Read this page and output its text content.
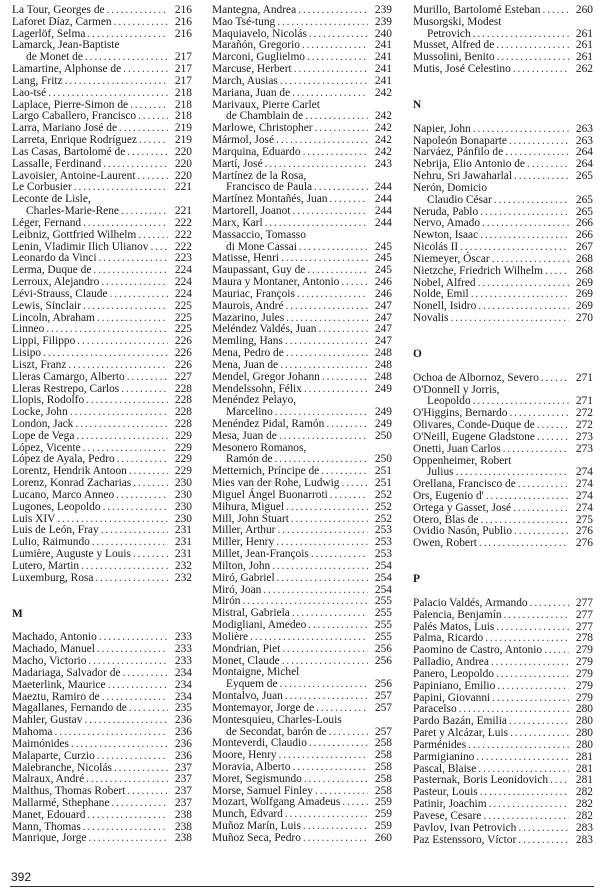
La Tour, Georges de . . .	216
Laforet Díaz, Carmen . . .	216
Lagerlöf, Selma . . .	216
Lamarck, Jean-Baptiste
de Monet de . . .	217
Lamartine, Alphonse de . . .	217
Lang, Fritz . . .	217
Lao-tsé . . .	218
Laplace, Pierre-Simon de . . .	218
Largo Caballero, Francisco . . .	218
Larra, Mariano José de . . .	219
Larreta, Enrique Rodríguez . . .	219
Las Casas, Bartolomé de . . .	220
Lassalle, Ferdinand . . .	220
Lavoisier, Antoine-Laurent . . .	220
Le Corbusier . . .	221
Leconte de Lisle,
Charles-Marie-Rene . . .	221
Léger, Fernand . . .	222
Leibniz, Gottfried Wilhelm . . .	222
Lenin, Vladimir Ilich Ulianov . . .	222
Leonardo da Vinci . . .	223
Lerma, Duque de . . .	224
Lerroux, Alejandro . . .	224
Lévi-Strauss, Claude . . .	224
Lewis, Sinclair . . .	225
Lincoln, Abraham . . .	225
Linneo . . .	225
Lippi, Filippo . . .	226
Lisipo . . .	226
Liszt, Franz . . .	226
Lleras Camargo, Alberto . . .	227
Lleras Restrepo, Carlos . . .	228
Llopis, Rodolfo . . .	228
Locke, John . . .	228
London, Jack . . .	228
Lope de Vega . . .	229
López, Vicente . . .	229
López de Ayala, Pedro . . .	229
Lorentz, Hendrik Antoon . . .	229
Lorenz, Konrad Zacharias . . .	230
Lucano, Marco Anneo . . .	230
Lugones, Leopoldo . . .	230
Luis XIV . . .	230
Luis de León, Fray . . .	231
Lulio, Raimundo . . .	231
Lumière, Auguste y Louis . . .	231
Lutero, Martin . . .	232
Luxemburg, Rosa . . .	232
M
Machado, Antonio . . .	233
Machado, Manuel . . .	233
Macho, Victorio . . .	233
Madariaga, Salvador de . . .	234
Maeterlink, Maurice . . .	234
Maeztu, Ramiro de . . .	234
Magallanes, Fernando de . . .	235
Mahler, Gustav . . .	236
Mahoma . . .	236
Maimónides . . .	236
Malaparte, Curzio . . .	236
Malebranche, Nicolás . . .	237
Malraux, André . . .	237
Malthus, Thomas Robert . . .	237
Mallarmé, Sthephane . . .	237
Manet, Edouard . . .	238
Mann, Thomas . . .	238
Manrique, Jorge . . .	238
Mantegna, Andrea . . .	239
Mao Tsé-tung . . .	239
Maquiavelo, Nicolás . . .	240
Marañón, Gregorio . . .	241
Marconi, Guglielmo . . .	241
Marcuse, Herbert . . .	241
March, Ausias . . .	241
Mariana, Juan de . . .	242
Marivaux, Pierre Carlet
de Chamblain de . . .	242
Marlowe, Christopher . . .	242
Mármol, José . . .	242
Marquina, Eduardo . . .	242
Martí, José . . .	243
Martínez de la Rosa,
Francisco de Paula . . .	244
Martínez Montañés, Juan . . .	244
Martorell, Joanot . . .	244
Marx, Karl . . .	244
Massaccio, Tomasso
di Mone Cassai . . .	245
Matisse, Henri . . .	245
Maupassant, Guy de . . .	245
Maura y Montaner, Antonio . . .	246
Mauriac, François . . .	246
Maurois, André . . .	247
Mazarino, Jules . . .	247
Meléndez Valdés, Juan . . .	247
Memling, Hans . . .	247
Mena, Pedro de . . .	248
Mena, Juan de . . .	248
Mendel, Gregor Johann . . .	248
Mendelssohn, Félix . . .	249
Menéndez Pelayo,
Marcelino . . .	249
Menéndez Pidal, Ramón . . .	249
Mesa, Juan de . . .	250
Mesonero Romanos,
Ramón de . . .	250
Metternich, Príncipe de . . .	251
Mies van der Rohe, Ludwig . . .	251
Miguel Ángel Buonarroti . . .	252
Mihura, Miguel . . .	252
Mill, John Stuart . . .	252
Miller, Arthur . . .	253
Miller, Henry . . .	253
Millet, Jean-François . . .	253
Milton, John . . .	254
Miró, Gabriel . . .	254
Miró, Joan . . .	254
Mirón . . .	255
Mistral, Gabriela . . .	255
Modigliani, Amedeo . . .	255
Molière . . .	255
Mondrian, Piet . . .	256
Monet, Claude . . .	256
Montaigne, Michel
Eyquem de . . .	256
Montalvo, Juan . . .	257
Montemayor, Jorge de . . .	257
Montesquieu, Charles-Louis
de Secondat, barón de . . .	257
Monteverdi, Claudio . . .	258
Moore, Henry . . .	258
Moravia, Alberto . . .	258
Moret, Segismundo . . .	258
Morse, Samuel Finley . . .	258
Mozart, Wolfgang Amadeus . . .	259
Munch, Edvard . . .	259
Muñoz Marín, Luis . . .	259
Muñoz Seca, Pedro . . .	260
Murillo, Bartolomé Esteban . . .	260
Musorgski, Modest
Petrovich . . .	261
Musset, Alfred de . . .	261
Mussolini, Benito . . .	261
Mutis, José Celestino . . .	262
N
Napier, John . . .	263
Napoleón Bonaparte . . .	263
Narváez, Pánfilo de . . .	264
Nebrija, Elio Antonio de . . .	264
Nehru, Sri Jawaharlal . . .	265
Nerón, Domicio
Claudio César . . .	265
Neruda, Pablo . . .	265
Nervo, Amado . . .	266
Newton, Isaac . . .	266
Nicolás II . . .	267
Niemeyer, Óscar . . .	268
Nietzche, Friedrich Wilhelm . . .	268
Nobel, Alfred . . .	269
Nolde, Emil . . .	269
Nonell, Isidro . . .	269
Novalis . . .	270
O
Ochoa de Albornoz, Severo . . .	271
O'Donnell y Jorris,
Leopoldo . . .	271
O'Higgins, Bernardo . . .	272
Olivares, Conde-Duque de . . .	272
O'Neill, Eugene Gladstone . . .	273
Onetti, Juan Carlos . . .	273
Oppenheimer, Robert
Julius . . .	274
Orellana, Francisco de . . .	274
Ors, Eugenio d' . . .	274
Ortega y Gasset, José . . .	274
Otero, Blas de . . .	275
Ovidio Nasón, Publio . . .	276
Owen, Robert . . .	276
P
Palacio Valdés, Armando . . .	277
Palencia, Benjamín . . .	277
Palés Matos, Luis . . .	277
Palma, Ricardo . . .	278
Paomino de Castro, Antonio . . .	279
Palladio, Andrea . . .	279
Panero, Leopoldo . . .	279
Papiniano, Emilio . . .	279
Papini, Giovanni . . .	279
Paracelso . . .	280
Pardo Bazán, Emilia . . .	280
Paret y Alcázar, Luis . . .	280
Parménides . . .	280
Parmigianino . . .	281
Pascal, Blaise . . .	281
Pasternak, Boris Leonidovich . . .	281
Pasteur, Louis . . .	282
Patinir, Joachim . . .	282
Pavese, Cesare . . .	282
Pavlov, Ivan Petrovich . . .	283
Paz Estenssoro, Víctor . . .	283
392
